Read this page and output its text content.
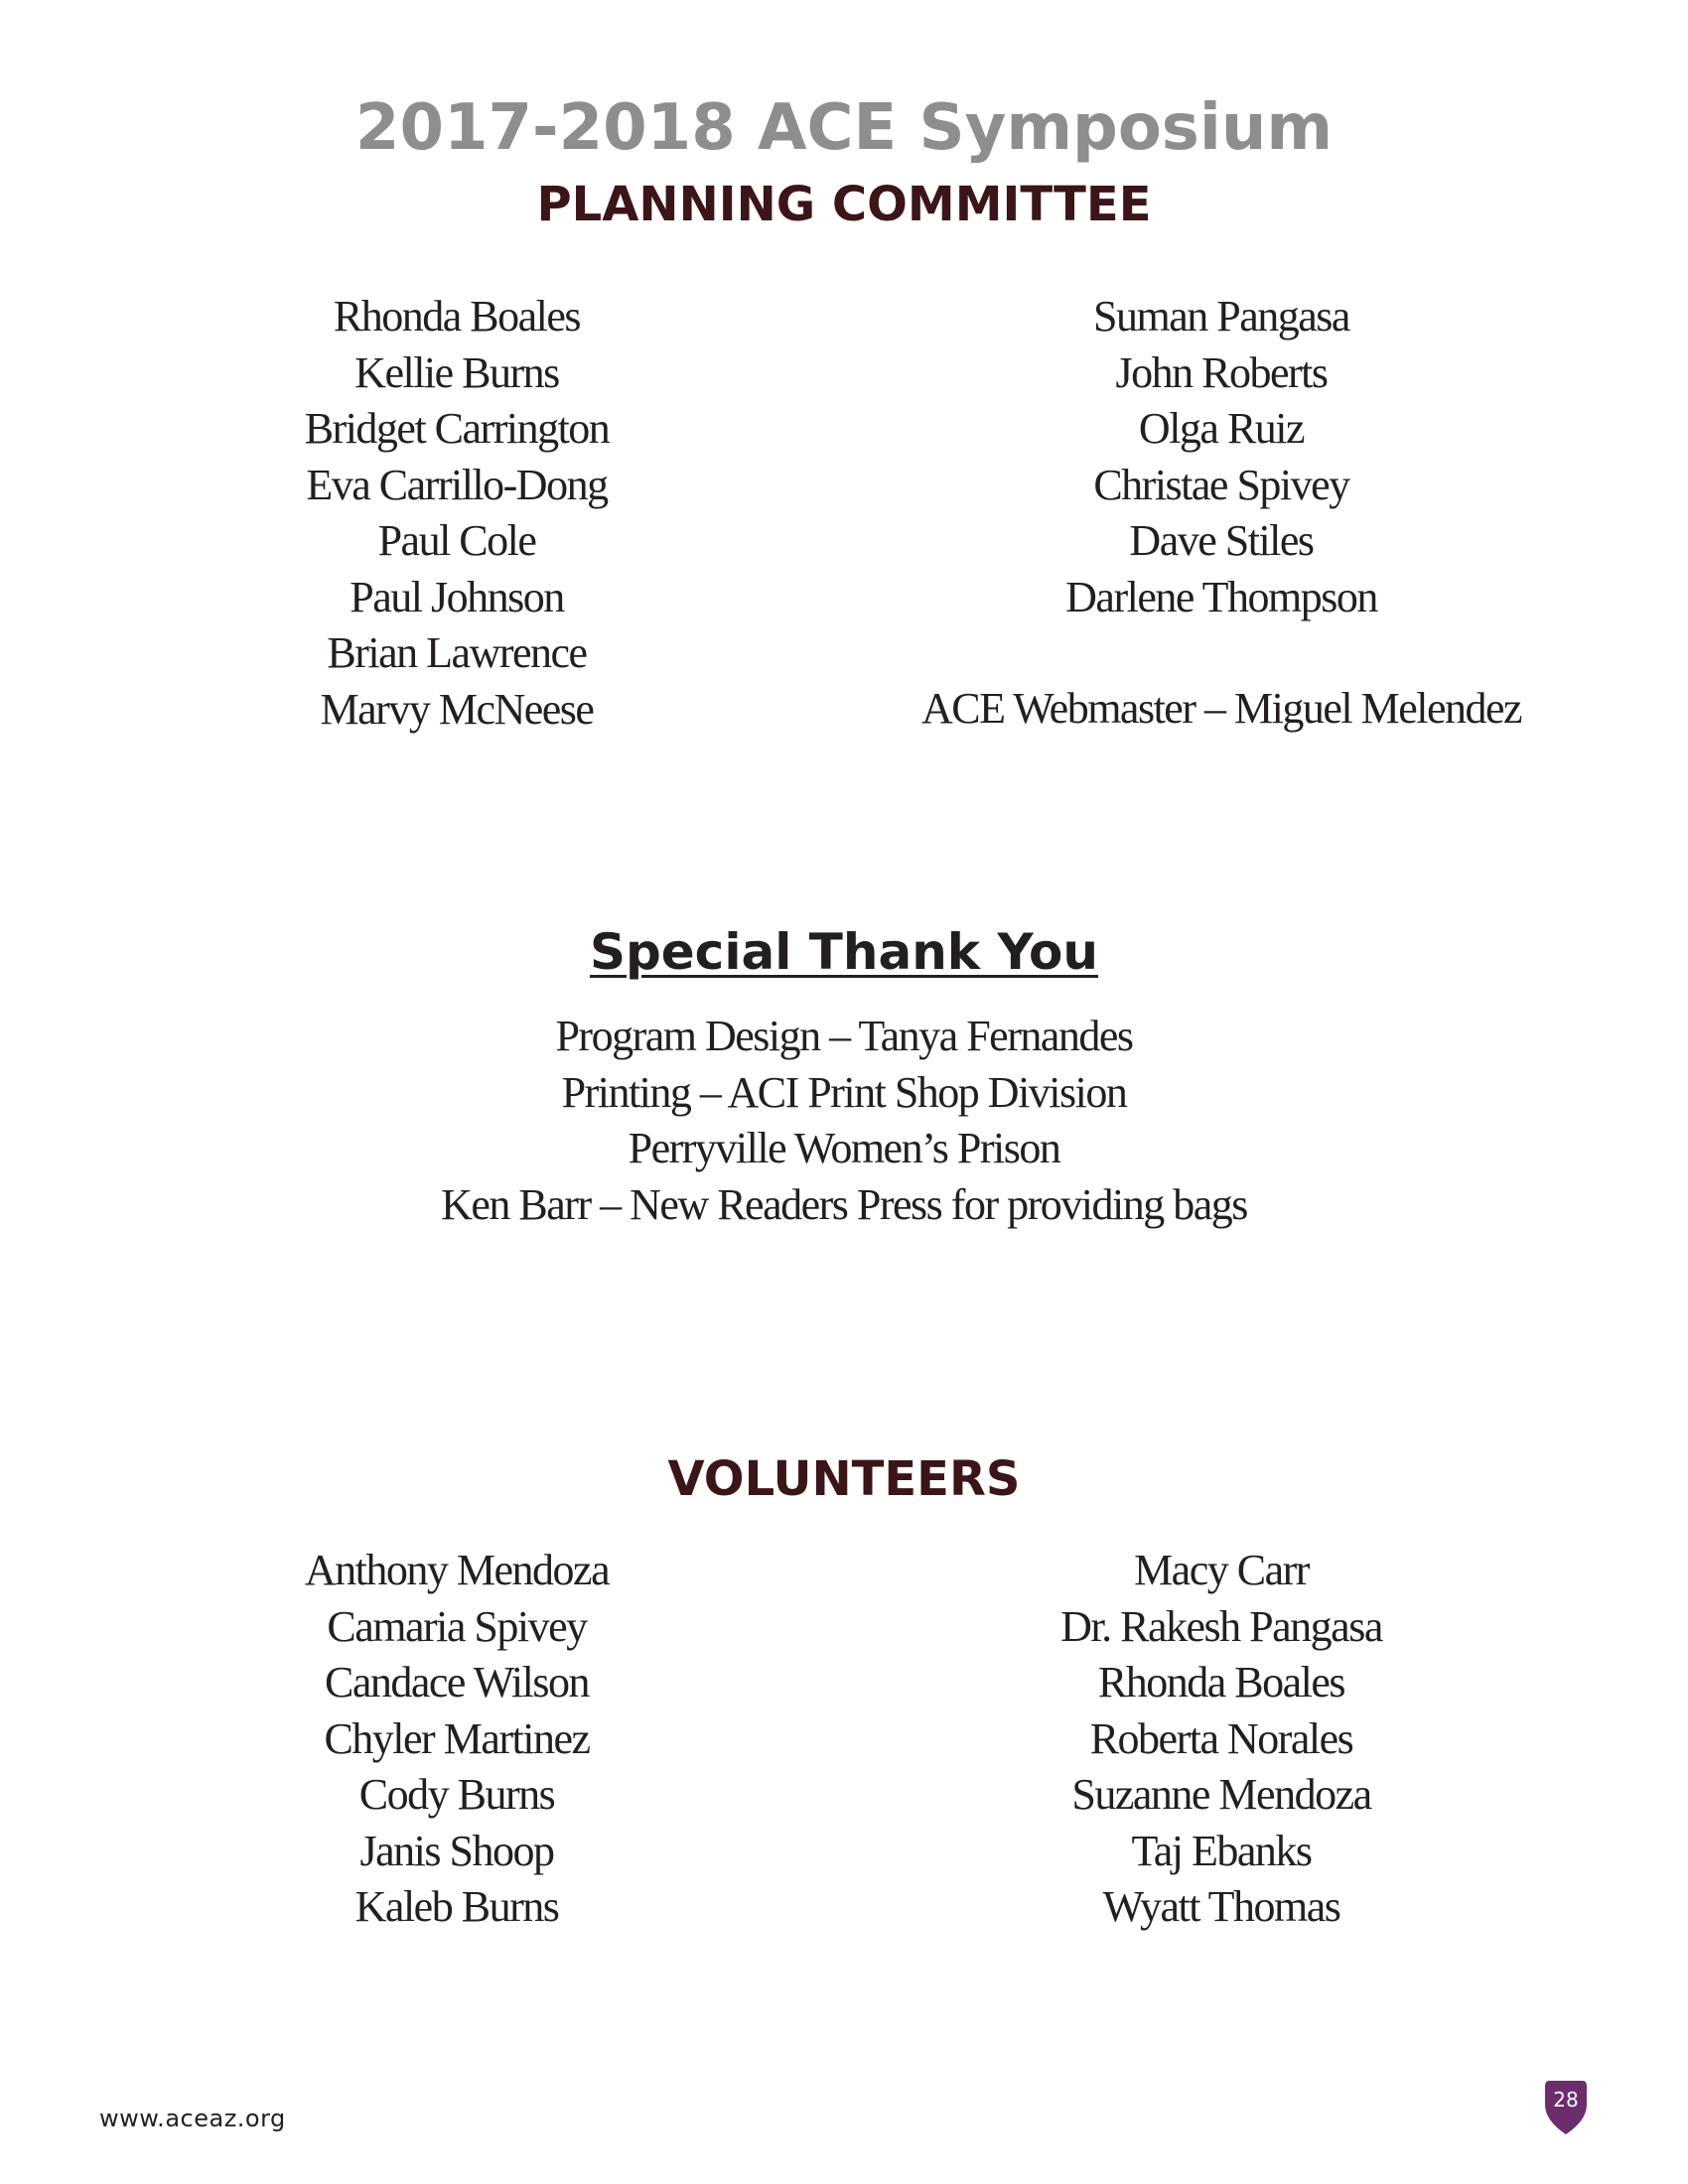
2017-2018 ACE Symposium
PLANNING COMMITTEE
Rhonda Boales
Kellie Burns
Bridget Carrington
Eva Carrillo-Dong
Paul Cole
Paul Johnson
Brian Lawrence
Marvy McNeese
Suman Pangasa
John Roberts
Olga Ruiz
Christae Spivey
Dave Stiles
Darlene Thompson
ACE Webmaster – Miguel Melendez
Special Thank You
Program Design – Tanya Fernandes
Printing – ACI Print Shop Division
Perryville Women’s Prison
Ken Barr – New Readers Press for providing bags
VOLUNTEERS
Anthony Mendoza
Camaria Spivey
Candace Wilson
Chyler Martinez
Cody Burns
Janis Shoop
Kaleb Burns
Macy Carr
Dr. Rakesh Pangasa
Rhonda Boales
Roberta Norales
Suzanne Mendoza
Taj Ebanks
Wyatt Thomas
www.aceaz.org
28
